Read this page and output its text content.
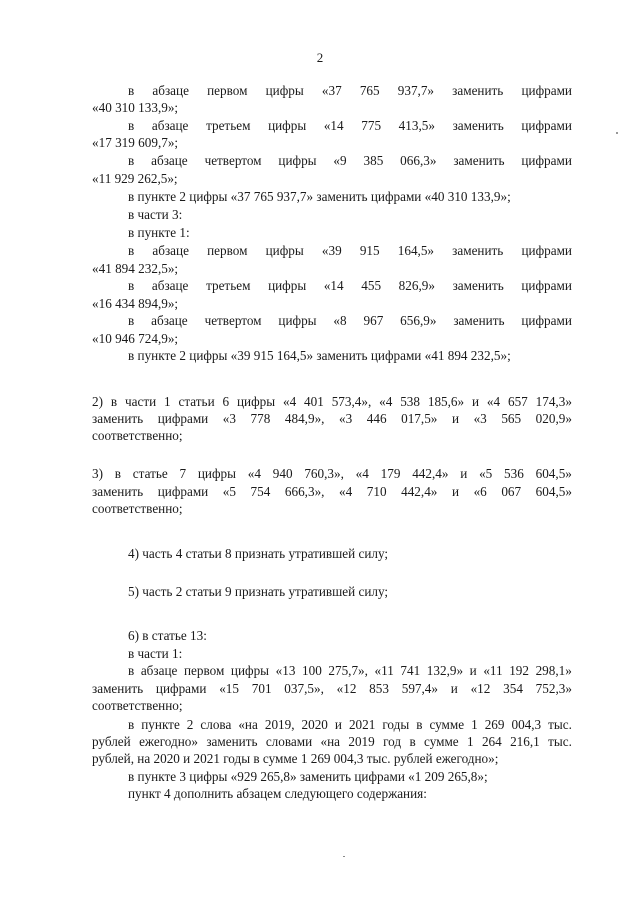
2
в абзаце первом цифры «37 765 937,7» заменить цифрами
«40 310 133,9»;
в абзаце третьем цифры «14 775 413,5» заменить цифрами
«17 319 609,7»;
в абзаце четвертом цифры «9 385 066,3» заменить цифрами
«11 929 262,5»;
в пункте 2 цифры «37 765 937,7» заменить цифрами «40 310 133,9»;
в части 3:
в пункте 1:
в абзаце первом цифры «39 915 164,5» заменить цифрами
«41 894 232,5»;
в абзаце третьем цифры «14 455 826,9» заменить цифрами
«16 434 894,9»;
в абзаце четвертом цифры «8 967 656,9» заменить цифрами
«10 946 724,9»;
в пункте 2 цифры «39 915 164,5» заменить цифрами «41 894 232,5»;
2) в части 1 статьи 6 цифры «4 401 573,4», «4 538 185,6» и «4 657 174,3»
заменить цифрами «3 778 484,9», «3 446 017,5» и «3 565 020,9»
соответственно;
3) в статье 7 цифры «4 940 760,3», «4 179 442,4» и «5 536 604,5»
заменить цифрами «5 754 666,3», «4 710 442,4» и «6 067 604,5»
соответственно;
4) часть 4 статьи 8 признать утратившей силу;
5) часть 2 статьи 9 признать утратившей силу;
6) в статье 13:
в части 1:
в абзаце первом цифры «13 100 275,7», «11 741 132,9» и «11 192 298,1»
заменить цифрами «15 701 037,5», «12 853 597,4» и «12 354 752,3»
соответственно;
в пункте 2 слова «на 2019, 2020 и 2021 годы в сумме 1 269 004,3 тыс.
рублей ежегодно» заменить словами «на 2019 год в сумме 1 264 216,1 тыс.
рублей, на 2020 и 2021 годы в сумме 1 269 004,3 тыс. рублей ежегодно»;
в пункте 3 цифры «929 265,8» заменить цифрами «1 209 265,8»;
пункт 4 дополнить абзацем следующего содержания:
